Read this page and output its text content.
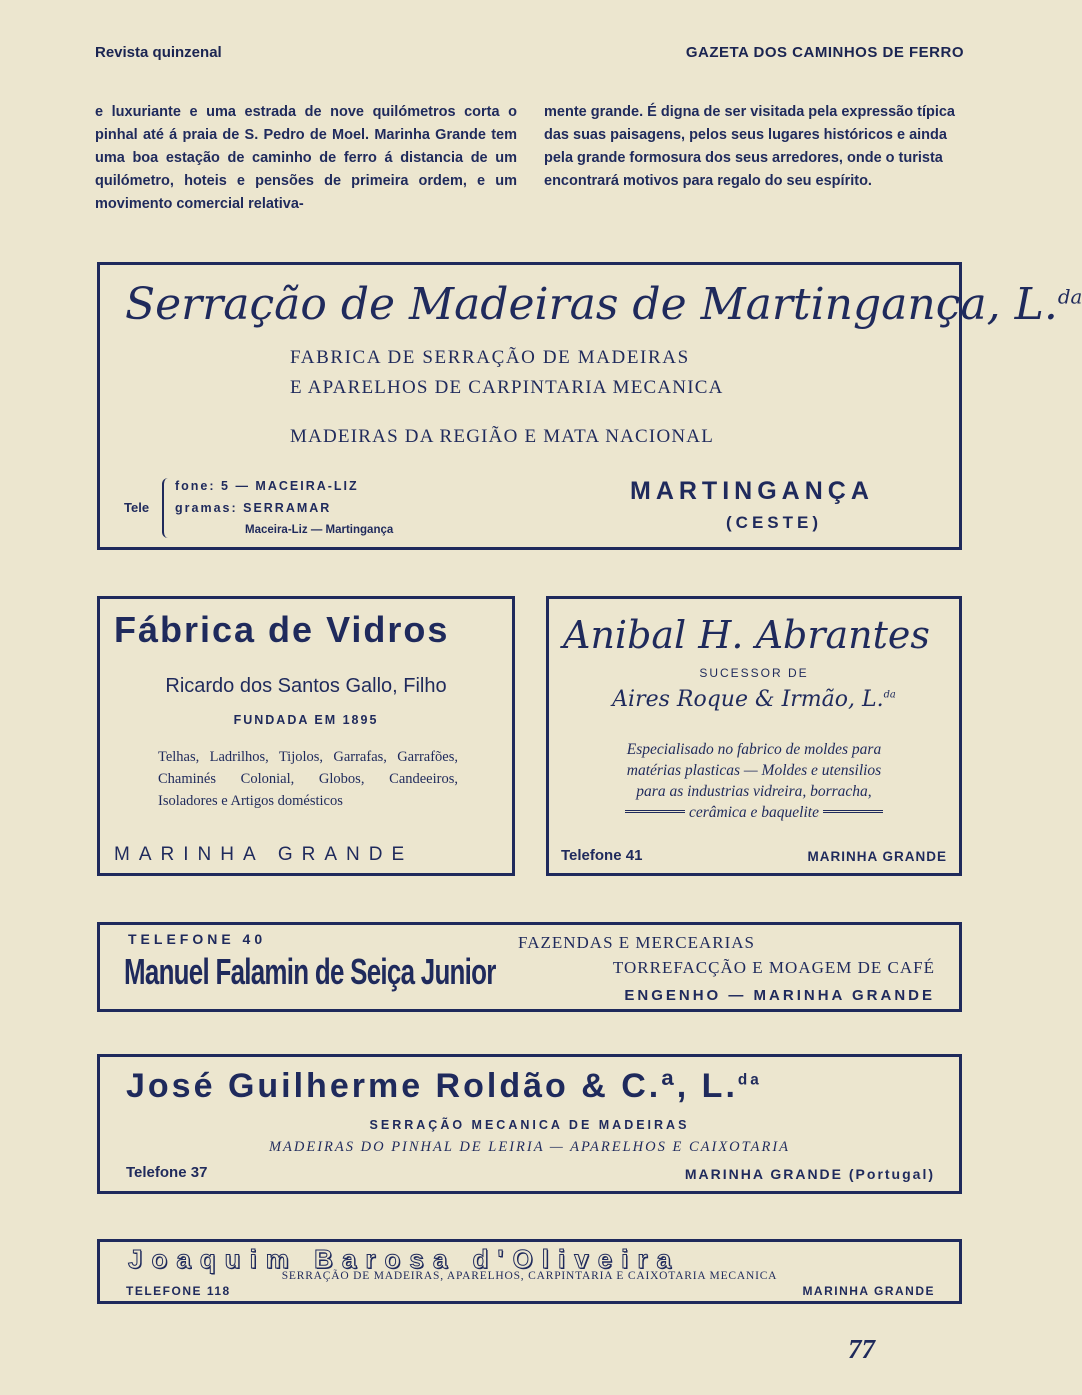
Revista quinzenal	GAZETA DOS CAMINHOS DE FERRO
e luxuriante e uma estrada de nove quilómetros corta o pinhal até á praia de S. Pedro de Moel. Marinha Grande tem uma boa estação de caminho de ferro á distancia de um quilómetro, hoteis e pensões de primeira ordem, e um movimento comercial relativa-
mente grande. É digna de ser visitada pela expressão típica das suas paisagens, pelos seus lugares históricos e ainda pela grande formosura dos seus arredores, onde o turista encontrará motivos para regalo do seu espírito.
Serração de Madeiras de Martingança, L.$^{da}$
FABRICA DE SERRAÇÃO DE MADEIRAS
E APARELHOS DE CARPINTARIA MECANICA
MADEIRAS DA REGIÃO E MATA NACIONAL
Tele
fone: 5 — MACEIRA-LIZ
gramas: SERRAMAR
Maceira-Liz — Martingança
MARTINGANÇA
(CESTE)
Fábrica de Vidros
Ricardo dos Santos Gallo, Filho
FUNDADA EM 1895
Telhas, Ladrilhos, Tijolos, Garrafas, Garrafões, Chaminés Colonial, Globos, Candeeiros, Isoladores e Artigos domésticos
MARINHA GRANDE
Anibal H. Abrantes
SUCESSOR DE
Aires Roque & Irmão, L.$^{da}$
Especialisado no fabrico de moldes para
matérias plasticas — Moldes e utensilios
para as industrias vidreira, borracha,
cerâmica e baquelite
Telefone 41	MARINHA GRANDE
TELEFONE 40
Manuel Falamin de Seiça Junior
FAZENDAS E MERCEARIAS
TORREFACÇÃO E MOAGEM DE CAFÉ
ENGENHO — MARINHA GRANDE
José Guilherme Roldão & C.ª, L.$^{da}$
SERRAÇÃO MECANICA DE MADEIRAS
MADEIRAS DO PINHAL DE LEIRIA — APARELHOS E CAIXOTARIA
Telefone 37	MARINHA GRANDE (Portugal)
Joaquim Barosa d'Oliveira
SERRAÇÃO DE MADEIRAS, APARELHOS, CARPINTARIA E CAIXOTARIA MECANICA
TELEFONE 118	MARINHA GRANDE
77
